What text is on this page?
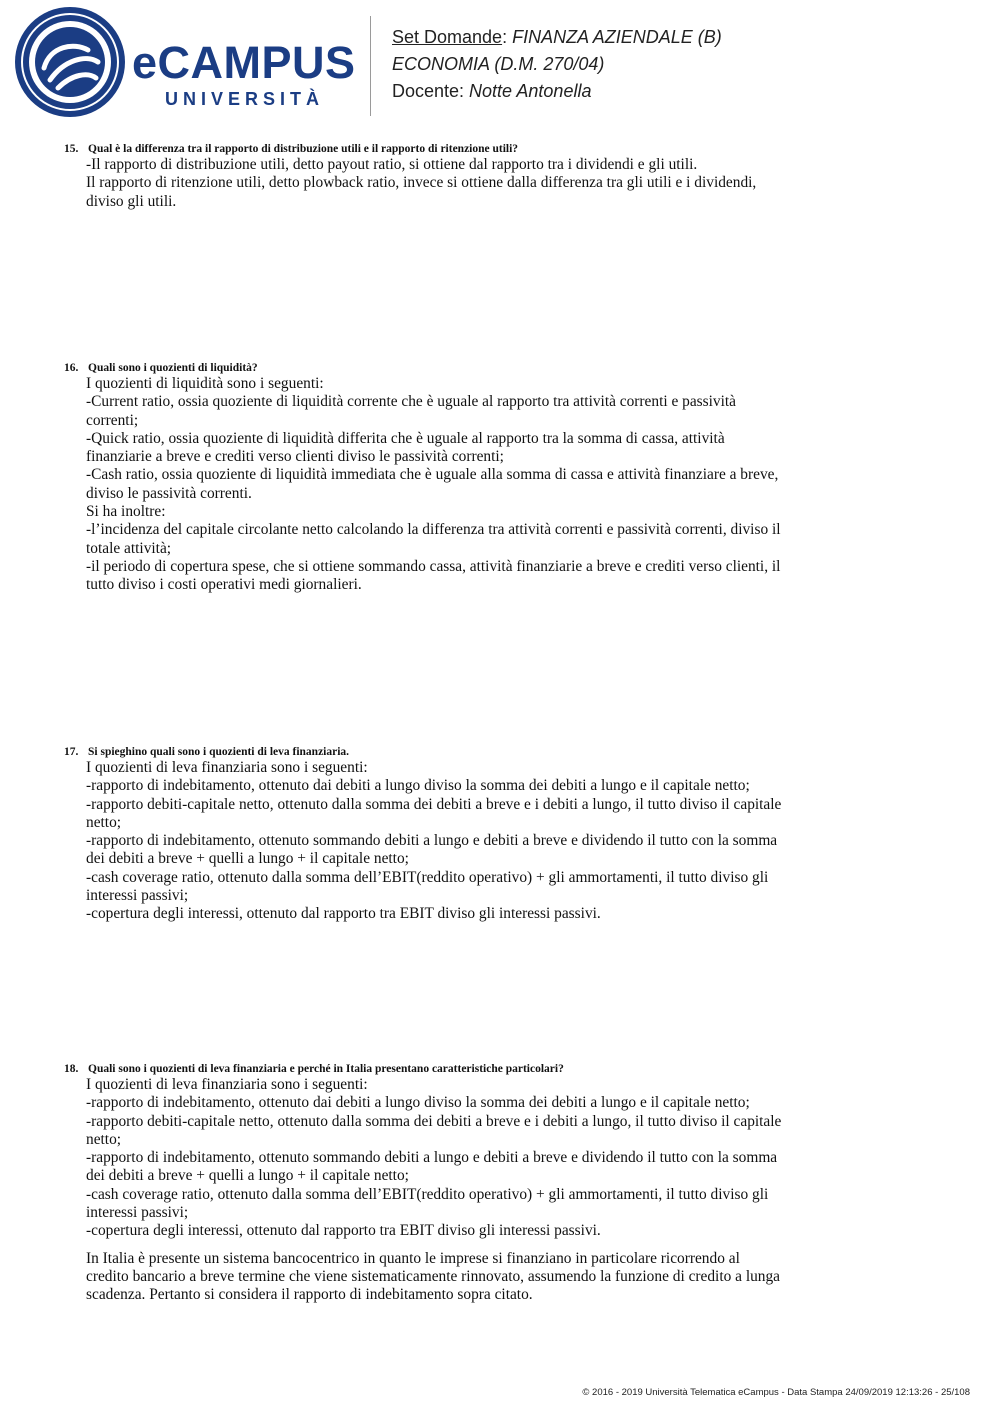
eCAMPUS
UNIVERSITÀ
Set Domande: FINANZA AZIENDALE (B)
ECONOMIA (D.M. 270/04)
Docente: Notte Antonella
15. Qual è la differenza tra il rapporto di distribuzione utili e il rapporto di ritenzione utili?

-Il rapporto di distribuzione utili, detto payout ratio, si ottiene dal rapporto tra i dividendi e gli utili.

Il rapporto di ritenzione utili, detto plowback ratio, invece si ottiene dalla differenza tra gli utili e i dividendi, diviso gli utili.

16. Quali sono i quozienti di liquidità?

I quozienti di liquidità sono i seguenti:

-Current ratio, ossia quoziente di liquidità corrente che è uguale al rapporto tra attività correnti e passività correnti;

-Quick ratio, ossia quoziente di liquidità differita che è uguale al rapporto tra la somma di cassa, attività finanziarie a breve e crediti verso clienti diviso le passività correnti;

-Cash ratio, ossia quoziente di liquidità immediata che è uguale alla somma di cassa e attività finanziare a breve, diviso le passività correnti.

Si ha inoltre:

-l’incidenza del capitale circolante netto calcolando la differenza tra attività correnti e passività correnti, diviso il totale attività;

-il periodo di copertura spese, che si ottiene sommando cassa, attività finanziarie a breve e crediti verso clienti, il tutto diviso i costi operativi medi giornalieri.

17. Si spieghino quali sono i quozienti di leva finanziaria.

I quozienti di leva finanziaria sono i seguenti:

-rapporto di indebitamento, ottenuto dai debiti a lungo diviso la somma dei debiti a lungo e il capitale netto;

-rapporto debiti-capitale netto, ottenuto dalla somma dei debiti a breve e i debiti a lungo, il tutto diviso il capitale netto;

-rapporto di indebitamento, ottenuto sommando debiti a lungo e debiti a breve e dividendo il tutto con la somma dei debiti a breve + quelli a lungo + il capitale netto;

-cash coverage ratio, ottenuto dalla somma dell’EBIT(reddito operativo) + gli ammortamenti, il tutto diviso gli interessi passivi;

-copertura degli interessi, ottenuto dal rapporto tra EBIT diviso gli interessi passivi.

18. Quali sono i quozienti di leva finanziaria e perché in Italia presentano caratteristiche particolari?

I quozienti di leva finanziaria sono i seguenti:

-rapporto di indebitamento, ottenuto dai debiti a lungo diviso la somma dei debiti a lungo e il capitale netto;

-rapporto debiti-capitale netto, ottenuto dalla somma dei debiti a breve e i debiti a lungo, il tutto diviso il capitale netto;

-rapporto di indebitamento, ottenuto sommando debiti a lungo e debiti a breve e dividendo il tutto con la somma dei debiti a breve + quelli a lungo + il capitale netto;

-cash coverage ratio, ottenuto dalla somma dell’EBIT(reddito operativo) + gli ammortamenti, il tutto diviso gli interessi passivi;

-copertura degli interessi, ottenuto dal rapporto tra EBIT diviso gli interessi passivi.

In Italia è presente un sistema bancocentrico in quanto le imprese si finanziano in particolare ricorrendo al credito bancario a breve termine che viene sistematicamente rinnovato, assumendo la funzione di credito a lunga scadenza. Pertanto si considera il rapporto di indebitamento sopra citato.

© 2016 - 2019 Università Telematica eCampus - Data Stampa 24/09/2019 12:13:26 - 25/108
